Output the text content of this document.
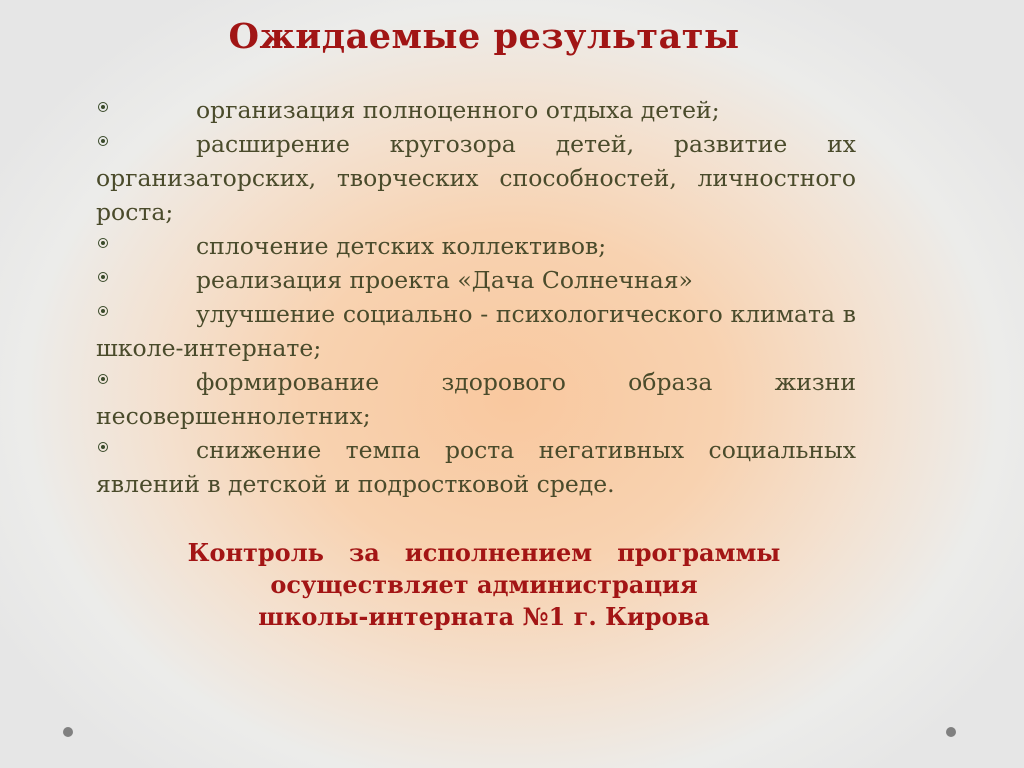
Ожидаемые результаты
организация полноценного отдыха детей;
расширение кругозора детей, развитие их организаторских, творческих способностей, личностного роста;
сплочение детских коллективов;
реализация проекта «Дача Солнечная»
улучшение социально - психологического климата в школе-интернате;
формирование здорового образа жизни несовершеннолетних;
снижение темпа роста негативных социальных явлений в детской и подростковой среде.
Контроль   за   исполнением   программы
осуществляет администрация
школы-интерната №1 г. Кирова
